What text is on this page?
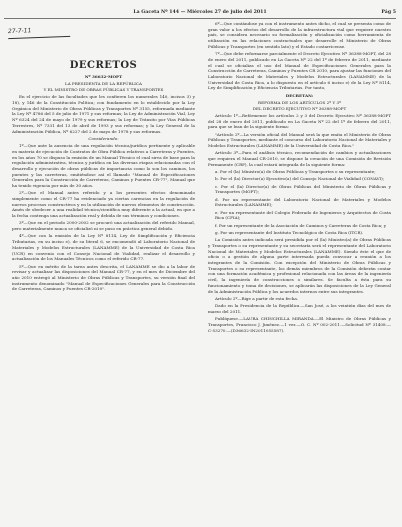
La Gaceta Nº 144 — Miércoles 27 de julio del 2011	Pág 5
27-7-11
DECRETOS

Nº 36632-MOPT

LA PRESIDENTA DE LA REPÚBLICA
Y EL MINISTRO DE OBRAS PÚBLICAS Y TRANSPORTES

En el ejercicio de las facultades que les confieren los numerales 140, incisos 3) y 18), y 146 de la Constitución Política; con fundamento en lo establecido por la Ley Orgánica del Ministerio de Obras Públicas y Transportes Nº 3155, reformada mediante la Ley Nº 4786 del 5 de julio de 1971 y sus reformas; la Ley de Administración Vial, Ley Nº 6324 del 24 de mayo de 1979 y sus reformas; la Ley de Tránsito por Vías Públicas Terrestres, Nº 7331 del 13 de abril de 1993 y sus reformas; y la Ley General de la Administración Pública, Nº 6227 del 2 de mayo de 1978 y sus reformas.

Considerando:

1º—Que ante la ausencia de una regulación técnica/jurídica pertinente y aplicable en materia de ejecución de Contratos de Obra Pública relativos a Carreteras y Puentes, en los años 70 se dispuso la emisión de un Manual Técnico el cual sirva de base para la regulación administrativa, técnica y jurídica en las diversas etapas relacionadas con el desarrollo y ejecución de obras públicas de importancia como lo son los caminos, los puentes y las carreteras, emitiéndose así el llamado "Manual de Especificaciones Generales para la Construcción de Carreteras, Caminos y Puentes CR-77", Manual que ha tenido vigencia por más de 30 años.

2º—Que el Manual antes referido y a los presentes efectos denominado simplemente como el CR-77 ha evidenciado ya ciertas carencias en la regulación de nuevos procesos constructivos y en la utilización de nuevos elementos de construcción. Amén de obedecer a una realidad técnico/científica muy diferente a la actual, en que a la fecha contenga una actualización real y debida de sus términos y condiciones.

3º—Que en el periodo 2000-2002 se procuró una actualización del referido Manual, pero materialmente nunca se oficializó ni se puso en práctica general debido.

4º—Que con la emisión de la Ley Nº 8114, Ley de Simplificación y Eficiencia Tributarias, en su inciso e), de su literal 6, se encomendó al Laboratorio Nacional de Materiales y Modelos Estructurales (LANAMME) de la Universidad de Costa Rica (UCR) en convenio con el Consejo Nacional de Vialidad, realizar el desarrollo y actualización de los Manuales Técnicos como el referido CR-77.

5º—Que en mérito de la tarea antes descrita, el LANAMME se dio a la labor de revisar y actualizar las disposiciones del Manual CR-77, y en el mes de Diciembre del año 2010 entregó al Ministerio de Obras Públicas y Transportes, su versión final del instrumento denominado "Manual de Especificaciones Generales para la Construcción de Carreteras, Caminos y Puentes CR-2010".

6º—Que contándose ya con el instrumento antes dicho, el cual se presenta como de gran valor a los efectos del desarrollo de la infraestructura vial que requiere nuestro país, se considera necesario su formalización y oficialización como herramienta de utilización en las relaciones contractuales que desarrolle el Ministerio de Obras Públicas y Transportes (en sentido lato) y el Estado costarricense.

7º—Que debe reformarse parcialmente el Decreto Ejecutivo Nº 36388-MOPT, del 28 de enero del 2011, publicado en La Gaceta Nº 22 del 1º de febrero de 2011, mediante el cual se oficializa el uso del Manual de Especificaciones Generales para la Construcción de Carreteras, Caminos y Puentes CR 2010, para ajustar las funciones del Laboratorio Nacional de Materiales y Modelos Estructurales (LANAMME) de la Universidad de Costa Rica, a lo dispuesto en el artículo 6 inciso e) de la Ley Nº 8114, Ley de Simplificación y Eficiencia Tributarias. Por tanto,

DECRETAN:

REFORMA DE LOS ARTÍCULOS 2º Y 3º
DEL DECRETO EJECUTIVO Nº 36388-MOPT

Artículo 1º—Refórmense los artículos 2 y 3 del Decreto Ejecutivo Nº 36388-MOPT del 28 de enero del 2011, publicado en La Gaceta Nº 22 del 1º de febrero del 2011, para que se lean de la siguiente forma:

"Artículo 2º—La versión oficial del Manual será la que emita el Ministerio de Obras Públicas y Transportes, mediante el concurso del Laboratorio Nacional de Materiales y Modelos Estructurales (LANAMME) de la Universidad de Costa Rica."

Artículo 3º—Para el análisis técnico, recomendación de cambios y actualizaciones que requiera el Manual CR-2010, se dispone la creación de una Comisión de Revisión Permanente (CRP), la cual estará integrada de la siguiente forma:

a. Por el (la) Ministro(a) de Obras Públicas y Transportes o su representante;

b. Por el (la) Director(a) Ejecutivo(a) del Consejo Nacional de Vialidad (CONAVI);

c. Por el (la) Director(a) de Obras Públicas del Ministerio de Obras Públicas y Transportes (MOPT);

d. Por un representante del Laboratorio Nacional de Materiales y Modelos Estructurales (LANAMME);

e. Por un representante del Colegio Federado de Ingenieros y Arquitectos de Costa Rica (CFIA);

f. Por un representante de la Asociación de Caminos y Carreteras de Costa Rica; y

g. Por un representante del Instituto Tecnológico de Costa Rica (ITCR).

La Comisión antes indicada será presidida por el (la) Ministro(a) de Obras Públicas y Transportes o su representante y su secretaría será el representante del Laboratorio Nacional de Materiales y Modelos Estructurales (LANAMME). Siendo éste el que de oficio o a gestión de alguna parte interesada pueda convocar a reunión a los integrantes de la Comisión. Con excepción del Ministerio de Obras Públicas y Transportes o su representante, los demás miembros de la Comisión deberán contar con una formación académica y profesional relacionada con las áreas de la ingeniería civil, la ingeniería de construcciones o similares. Se faculta a ésta para su funcionamiento y toma de decisiones, se aplicarán las disposiciones de la Ley General de la Administración Pública y los acuerdos internos entre sus integrantes.

Artículo 2º—Rige a partir de esta fecha.

Dado en la Presidencia de la República.—San José, a los veintiún días del mes de marzo del 2011.

Publíquese.—LAURA CHINCHILLA MIRANDA.—El Ministro de Obras Públicas y Transportes, Francisco J. Jiménez.—1 vez.—O. C. Nº 002-2011.—Solicitud Nº 31408.—C-53270.—(D36632-IN2011055587).
